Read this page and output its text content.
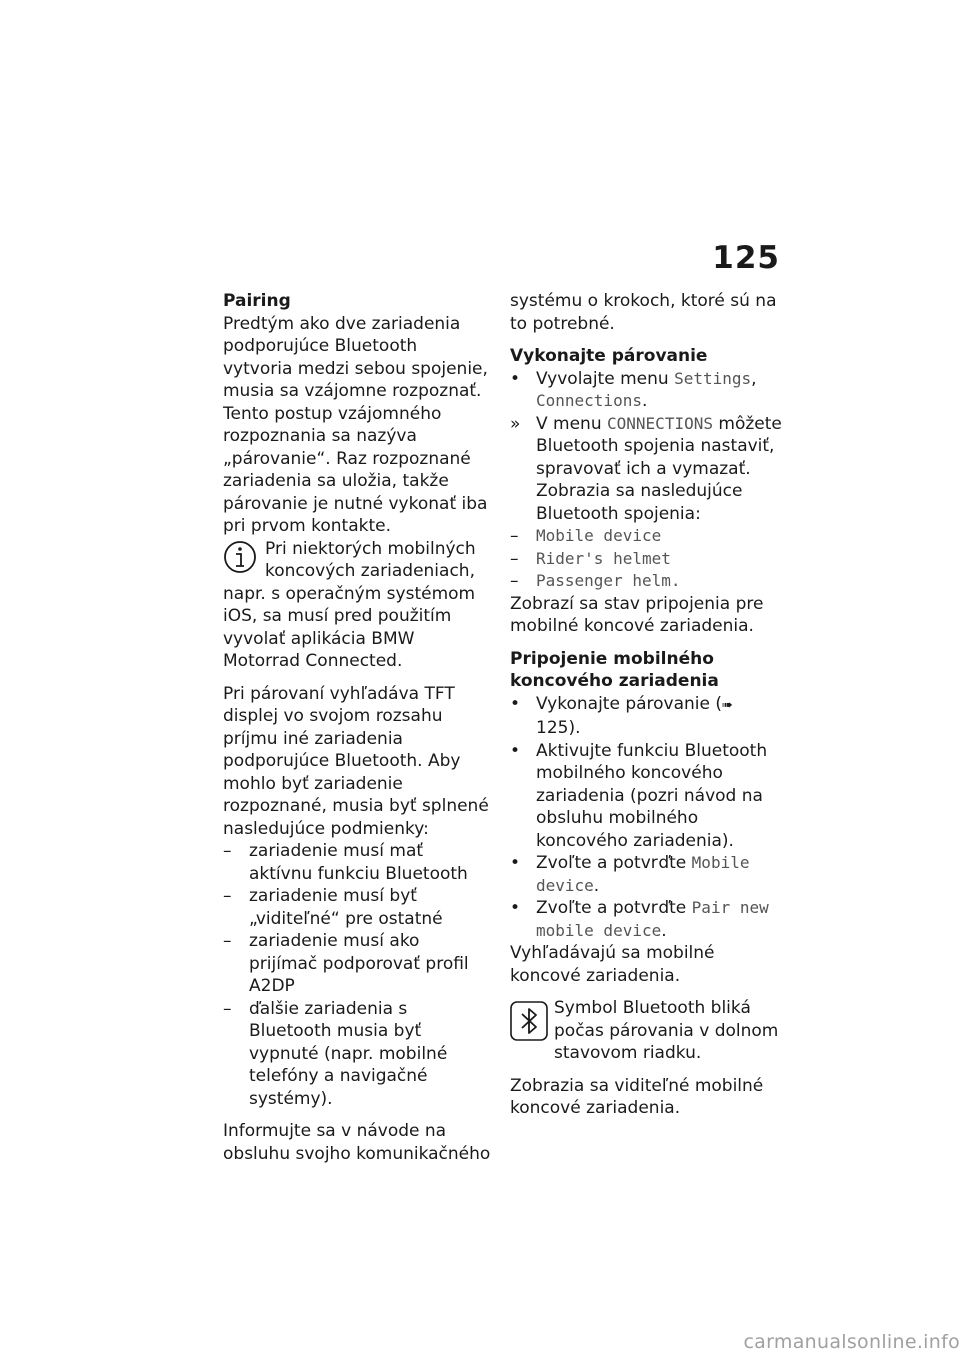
125

Pairing

Predtým ako dve zariadenia podporujúce Bluetooth vytvoria medzi sebou spojenie, musia sa vzájomne rozpoznať. Tento postup vzájomného rozpoznania sa nazýva „párovanie“. Raz rozpoznané zariadenia sa uložia, takže párovanie je nutné vykonať iba pri prvom kontakte.

Pri niektorých mobilných koncových zariadeniach, napr. s operačným systémom iOS, sa musí pred použitím vyvolať aplikácia BMW Motorrad Connected.

Pri párovaní vyhľadáva TFT displej vo svojom rozsahu príjmu iné zariadenia podporujúce Bluetooth. Aby mohlo byť zariadenie rozpoznané, musia byť splnené nasledujúce podmienky:

– zariadenie musí mať aktívnu funkciu Bluetooth
– zariadenie musí byť „viditeľné“ pre ostatné
– zariadenie musí ako prijímač podporovať profil A2DP
– ďalšie zariadenia s Bluetooth musia byť vypnuté (napr. mobilné telefóny a navigačné systémy).

Informujte sa v návode na obsluhu svojho komunikačného

systému o krokoch, ktoré sú na to potrebné.

Vykonajte párovanie

• Vyvolajte menu Settings, Connections.
» V menu CONNECTIONS môžete Bluetooth spojenia nastaviť, spravovať ich a vymazať. Zobrazia sa nasledujúce Bluetooth spojenia:
– Mobile device
– Rider's helmet
– Passenger helm.

Zobrazí sa stav pripojenia pre mobilné koncové zariadenia.

Pripojenie mobilného koncového zariadenia

• Vykonajte párovanie (➠ 125).
• Aktivujte funkciu Bluetooth mobilného koncového zariadenia (pozri návod na obsluhu mobilného koncového zariadenia).
• Zvoľte a potvrďte Mobile device.
• Zvoľte a potvrďte Pair new mobile device.

Vyhľadávajú sa mobilné koncové zariadenia.

Symbol Bluetooth bliká počas párovania v dolnom stavovom riadku.

Zobrazia sa viditeľné mobilné koncové zariadenia.

carmanualsonline.info
